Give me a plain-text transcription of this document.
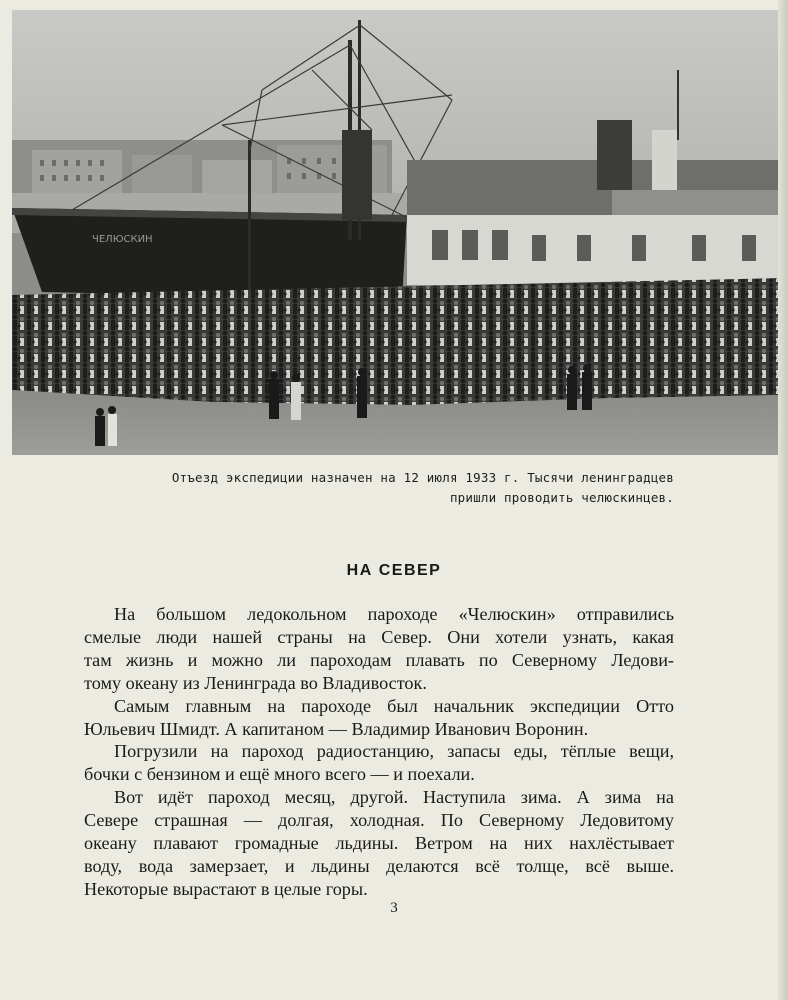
ЧЕЛЮСКИН
Отъезд экспедиции назначен на 12 июля 1933 г. Тысячи ленинградцев
пришли проводить челюскинцев.
НА СЕВЕР
На большом ледокольном пароходе «Челюскин» отправились
смелые люди нашей страны на Север. Они хотели узнать, какая
там жизнь и можно ли пароходам плавать по Северному Ледови-
тому океану из Ленинграда во Владивосток.
Самым главным на пароходе был начальник экспедиции Отто
Юльевич Шмидт. А капитаном — Владимир Иванович Воронин.
Погрузили на пароход радиостанцию, запасы еды, тёплые вещи,
бочки с бензином и ещё много всего — и поехали.
Вот идёт пароход месяц, другой. Наступила зима. А зима на
Севере страшная — долгая, холодная. По Северному Ледовитому
океану плавают громадные льдины. Ветром на них нахлёстывает
воду, вода замерзает, и льдины делаются всё толще, всё выше.
Некоторые вырастают в целые горы.
3
